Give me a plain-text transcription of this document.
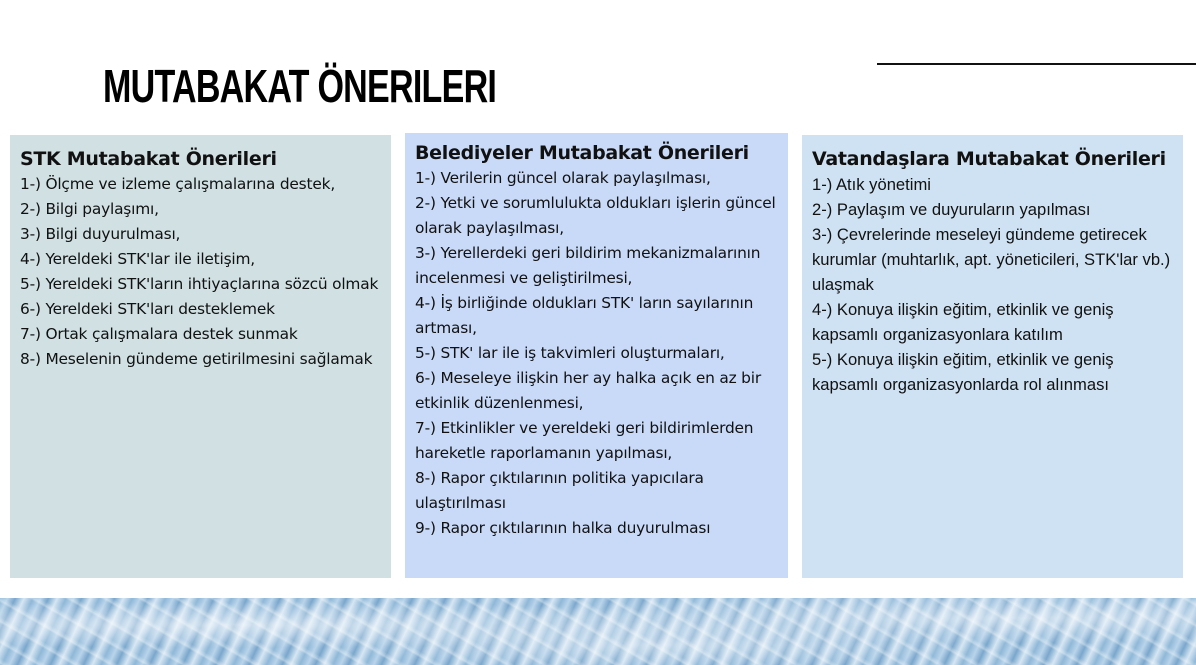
MUTABAKAT ÖNERILERI
STK Mutabakat Önerileri
1-) Ölçme ve izleme çalışmalarına destek,
2-) Bilgi paylaşımı,
3-) Bilgi duyurulması,
4-) Yereldeki STK'lar ile iletişim,
5-) Yereldeki STK'ların ihtiyaçlarına sözcü olmak
6-) Yereldeki STK'ları desteklemek
7-) Ortak çalışmalara destek sunmak
8-) Meselenin gündeme getirilmesini sağlamak
Belediyeler Mutabakat Önerileri
1-) Verilerin güncel olarak paylaşılması,
2-) Yetki ve sorumlulukta oldukları işlerin güncel olarak paylaşılması,
3-) Yerellerdeki geri bildirim mekanizmalarının incelenmesi ve geliştirilmesi,
4-) İş birliğinde oldukları STK' ların sayılarının artması,
5-) STK' lar ile iş takvimleri oluşturmaları,
6-) Meseleye ilişkin her ay halka açık en az bir etkinlik düzenlenmesi,
7-) Etkinlikler ve yereldeki geri bildirimlerden hareketle raporlamanın yapılması,
8-) Rapor çıktılarının politika yapıcılara ulaştırılması
9-) Rapor çıktılarının halka duyurulması
Vatandaşlara Mutabakat Önerileri
1-) Atık yönetimi
2-) Paylaşım ve duyuruların yapılması
3-) Çevrelerinde meseleyi gündeme getirecek kurumlar (muhtarlık, apt. yöneticileri, STK'lar vb.) ulaşmak
4-) Konuya ilişkin eğitim, etkinlik ve geniş kapsamlı organizasyonlara katılım
5-) Konuya ilişkin eğitim, etkinlik ve geniş kapsamlı organizasyonlarda rol alınması
